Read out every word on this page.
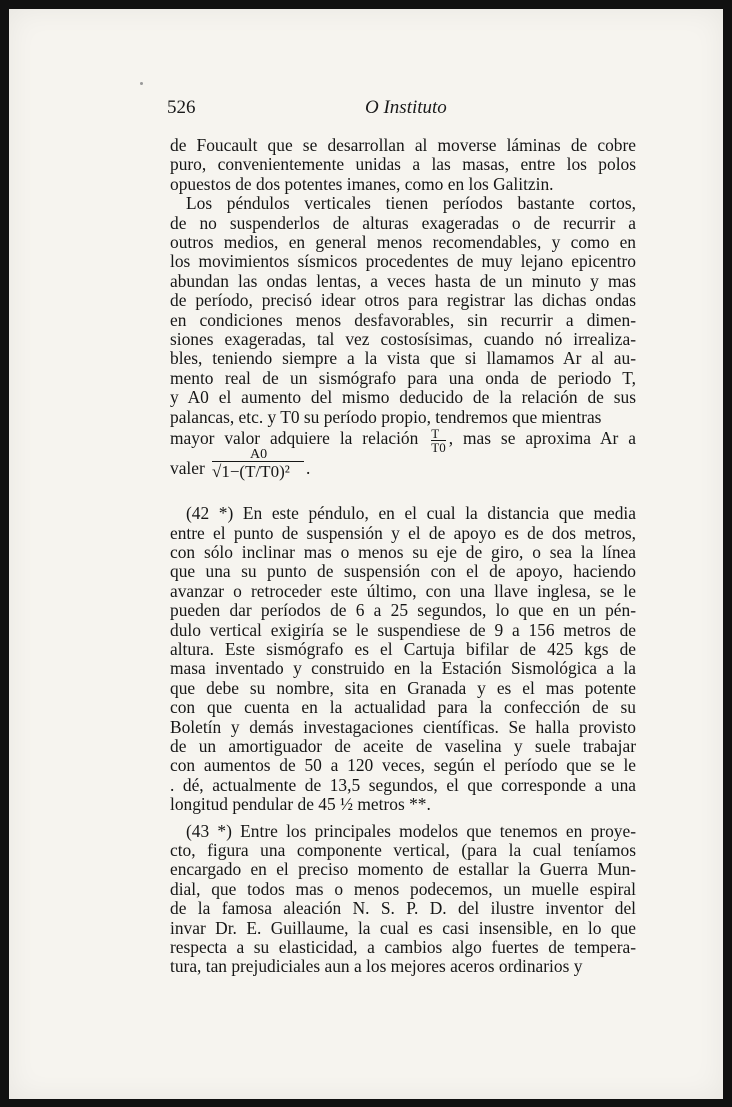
526	O Instituto
de Foucault que se desarrollan al moverse láminas de cobre
puro, convenientemente unidas a las masas, entre los polos
opuestos de dos potentes imanes, como en los Galitzin.
Los péndulos verticales tienen períodos bastante cortos,
de no suspenderlos de alturas exageradas o de recurrir a
outros medios, en general menos recomendables, y como en
los movimientos sísmicos procedentes de muy lejano epicentro
abundan las ondas lentas, a veces hasta de un minuto y mas
de período, precisó idear otros para registrar las dichas ondas
en condiciones menos desfavorables, sin recurrir a dimen-
siones exageradas, tal vez costosísimas, cuando nó irrealiza-
bles, teniendo siempre a la vista que si llamamos Ar al au-
mento real de un sismógrafo para una onda de periodo T,
y A0 el aumento del mismo deducido de la relación de sus
palancas, etc. y T0 su período propio, tendremos que mientras
mayor valor adquiere la relación $\frac{T}{T0}$ , mas se aproxima Ar a
valer
A0
√1−(T/T0)² .
(42 *) En este péndulo, en el cual la distancia que media
entre el punto de suspensión y el de apoyo es de dos metros,
con sólo inclinar mas o menos su eje de giro, o sea la línea
que una su punto de suspensión con el de apoyo, haciendo
avanzar o retroceder este último, con una llave inglesa, se le
pueden dar períodos de 6 a 25 segundos, lo que en un pén-
dulo vertical exigiría se le suspendiese de 9 a 156 metros de
altura. Este sismógrafo es el Cartuja bifilar de 425 kgs de
masa inventado y construido en la Estación Sismológica a la
que debe su nombre, sita en Granada y es el mas potente
con que cuenta en la actualidad para la confección de su
Boletín y demás investagaciones científicas. Se halla provisto
de un amortiguador de aceite de vaselina y suele trabajar
con aumentos de 50 a 120 veces, según el período que se le
. dé, actualmente de 13,5 segundos, el que corresponde a una
longitud pendular de 45 ½ metros **.
(43 *) Entre los principales modelos que tenemos en proye-
cto, figura una componente vertical, (para la cual teníamos
encargado en el preciso momento de estallar la Guerra Mun-
dial, que todos mas o menos podecemos, un muelle espiral
de la famosa aleación N. S. P. D. del ilustre inventor del
invar Dr. E. Guillaume, la cual es casi insensible, en lo que
respecta a su elasticidad, a cambios algo fuertes de tempera-
tura, tan prejudiciales aun a los mejores aceros ordinarios y
